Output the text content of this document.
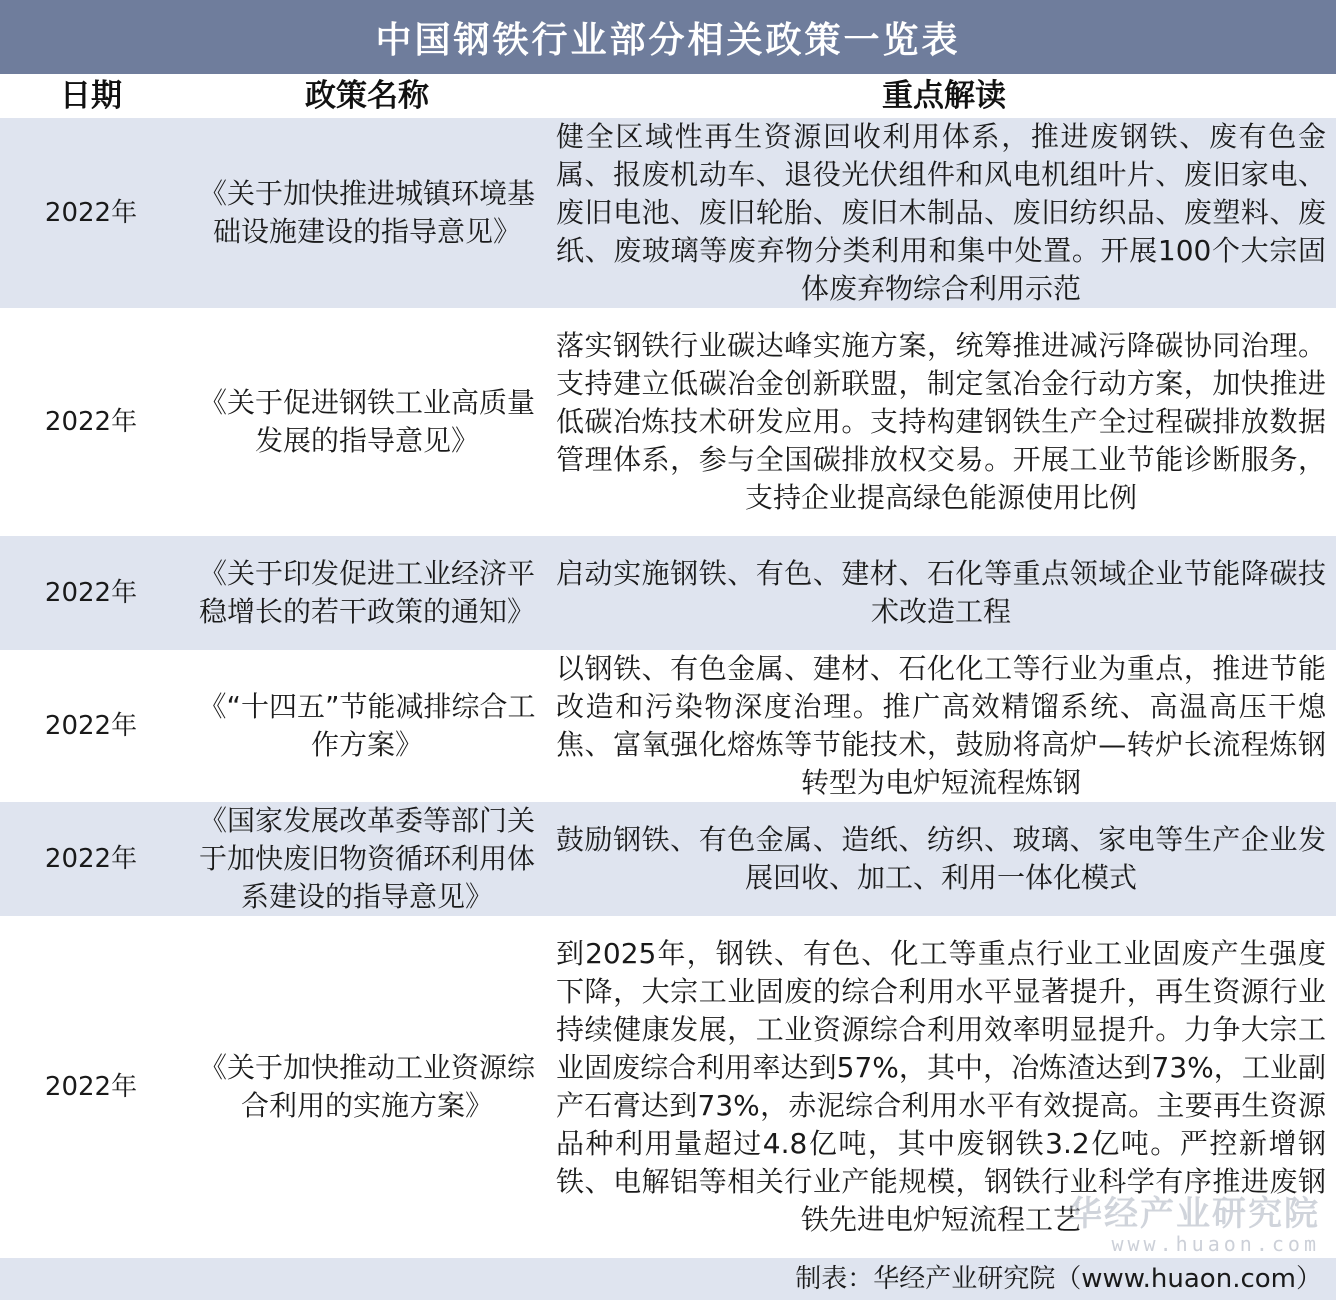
中国钢铁行业部分相关政策一览表
日期	政策名称	重点解读
2022年	《关于加快推进城镇环境基础设施建设的指导意见》	健全区域性再生资源回收利用体系，推进废钢铁、废有色金属、报废机动车、退役光伏组件和风电机组叶片、废旧家电、废旧电池、废旧轮胎、废旧木制品、废旧纺织品、废塑料、废纸、废玻璃等废弃物分类利用和集中处置。开展100个大宗固体废弃物综合利用示范
2022年	《关于促进钢铁工业高质量发展的指导意见》	落实钢铁行业碳达峰实施方案，统筹推进减污降碳协同治理。支持建立低碳冶金创新联盟，制定氢冶金行动方案，加快推进低碳冶炼技术研发应用。支持构建钢铁生产全过程碳排放数据管理体系，参与全国碳排放权交易。开展工业节能诊断服务，支持企业提高绿色能源使用比例
2022年	《关于印发促进工业经济平稳增长的若干政策的通知》	启动实施钢铁、有色、建材、石化等重点领域企业节能降碳技术改造工程
2022年	《“十四五”节能减排综合工作方案》	以钢铁、有色金属、建材、石化化工等行业为重点，推进节能改造和污染物深度治理。推广高效精馏系统、高温高压干熄焦、富氧强化熔炼等节能技术，鼓励将高炉—转炉长流程炼钢转型为电炉短流程炼钢
2022年	《国家发展改革委等部门关于加快废旧物资循环利用体系建设的指导意见》	鼓励钢铁、有色金属、造纸、纺织、玻璃、家电等生产企业发展回收、加工、利用一体化模式
2022年	《关于加快推动工业资源综合利用的实施方案》	到2025年，钢铁、有色、化工等重点行业工业固废产生强度下降，大宗工业固废的综合利用水平显著提升，再生资源行业持续健康发展，工业资源综合利用效率明显提升。力争大宗工业固废综合利用率达到57%，其中，冶炼渣达到73%，工业副产石膏达到73%，赤泥综合利用水平有效提高。主要再生资源品种利用量超过4.8亿吨，其中废钢铁3.2亿吨。严控新增钢铁、电解铝等相关行业产能规模，钢铁行业科学有序推进废钢铁先进电炉短流程工艺
华经产业研究院
www.huaon.com
制表：华经产业研究院（www.huaon.com）
